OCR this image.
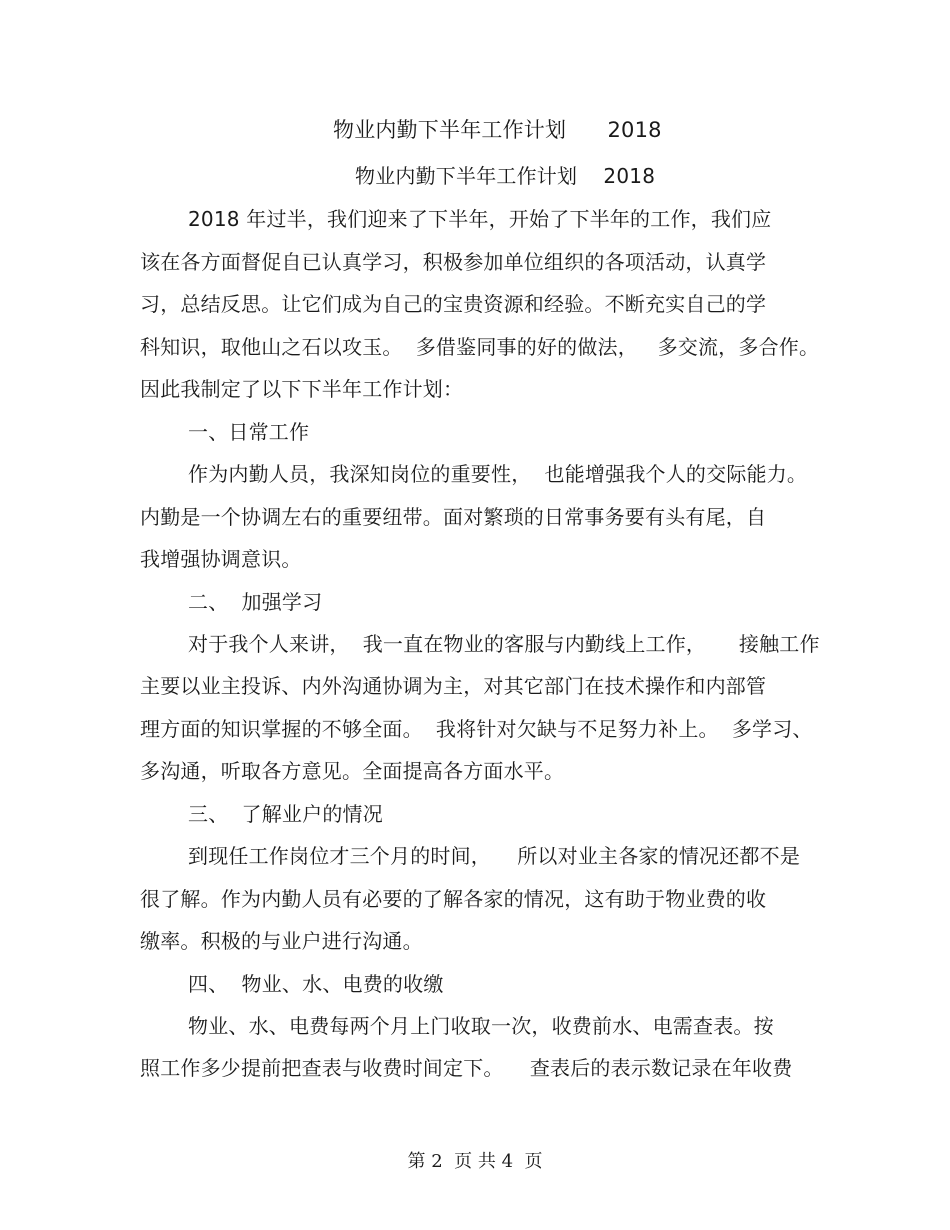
物业内勤下半年工作计划      2018
物业内勤下半年工作计划    2018
2018 年过半，我们迎来了下半年，开始了下半年的工作，我们应
该在各方面督促自已认真学习，积极参加单位组织的各项活动，认真学
习，总结反思。让它们成为自己的宝贵资源和经验。不断充实自己的学
科知识，取他山之石以攻玉。  多借鉴同事的好的做法，   多交流，多合作。
因此我制定了以下下半年工作计划：
一、日常工作
作为内勤人员，我深知岗位的重要性，  也能增强我个人的交际能力。
内勤是一个协调左右的重要纽带。面对繁琐的日常事务要有头有尾，自
我增强协调意识。
二、  加强学习
对于我个人来讲，  我一直在物业的客服与内勤线上工作，     接触工作
主要以业主投诉、内外沟通协调为主，对其它部门在技术操作和内部管
理方面的知识掌握的不够全面。  我将针对欠缺与不足努力补上。  多学习、
多沟通，听取各方意见。全面提高各方面水平。
三、  了解业户的情况
到现任工作岗位才三个月的时间，    所以对业主各家的情况还都不是
很了解。作为内勤人员有必要的了解各家的情况，这有助于物业费的收
缴率。积极的与业户进行沟通。
四、  物业、水、电费的收缴
物业、水、电费每两个月上门收取一次，收费前水、电需查表。按
照工作多少提前把查表与收费时间定下。    查表后的表示数记录在年收费
第 2  页 共 4  页
